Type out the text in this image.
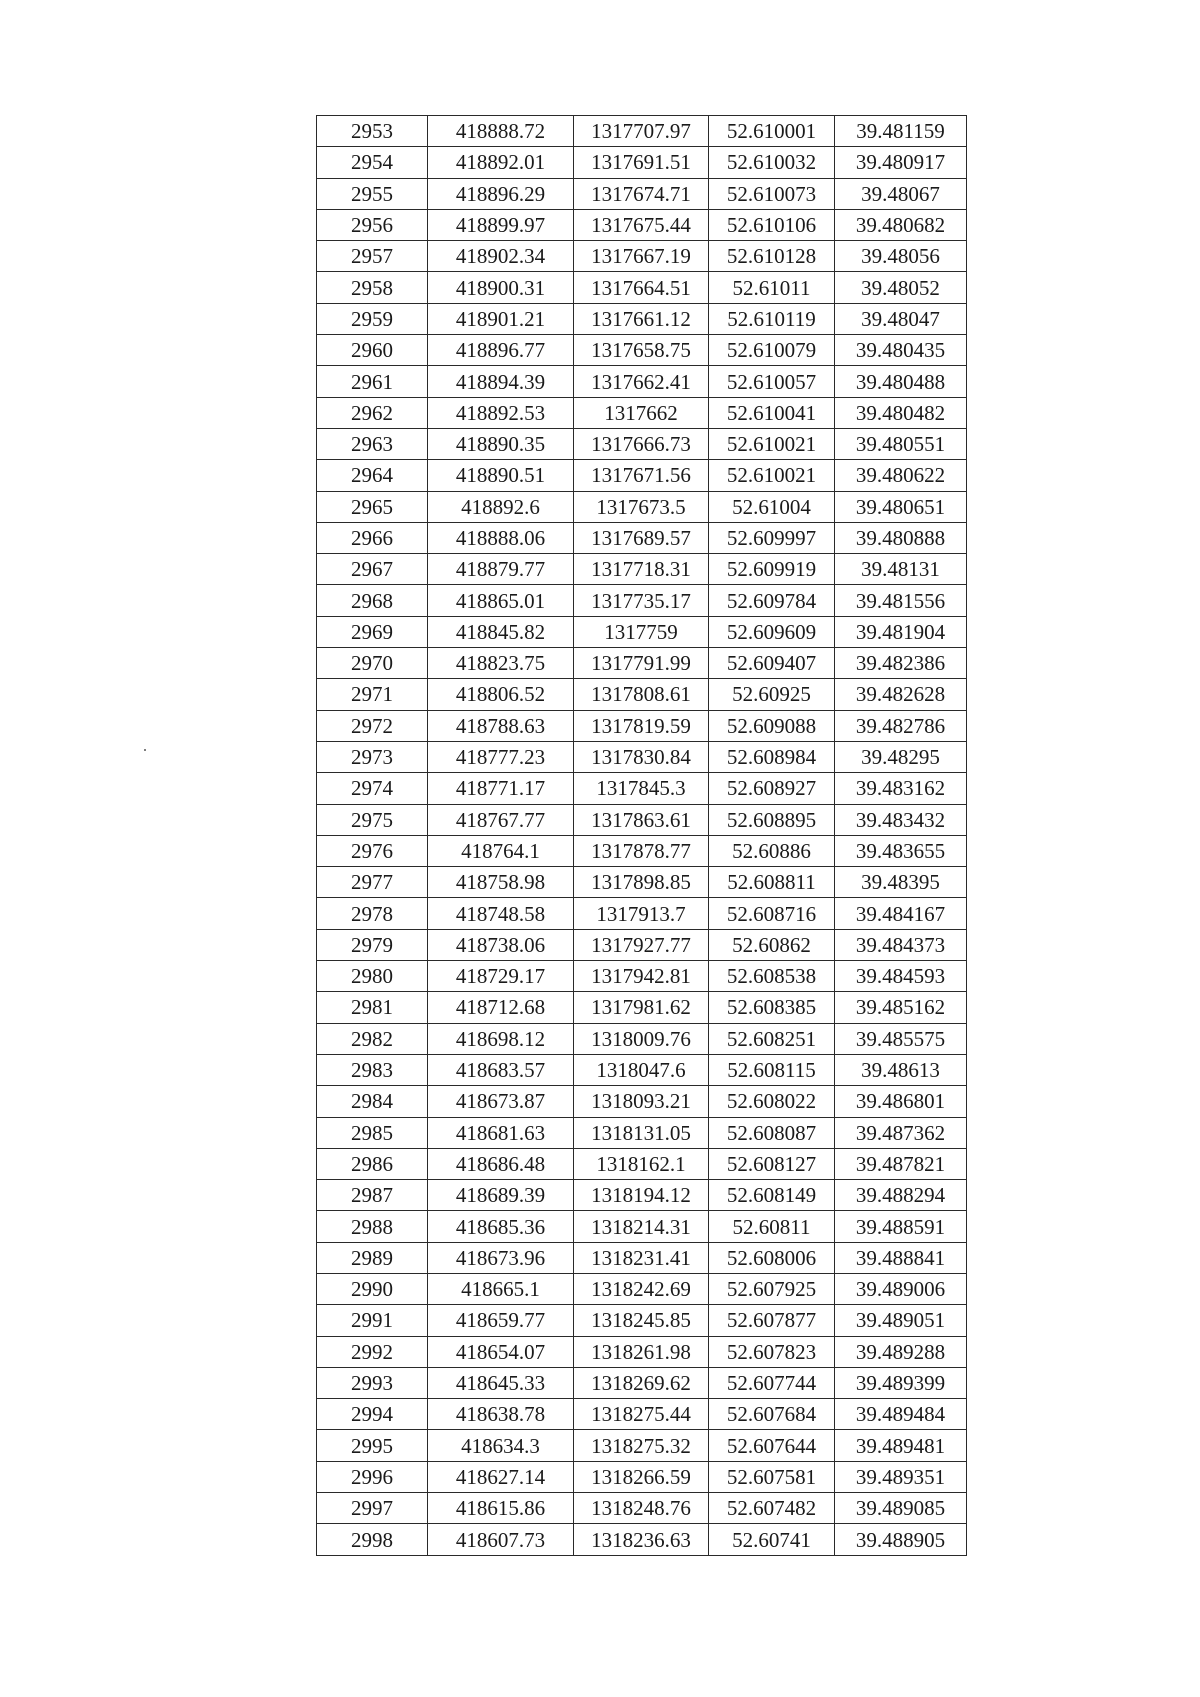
2953	418888.72	1317707.97	52.610001	39.481159
2954	418892.01	1317691.51	52.610032	39.480917
2955	418896.29	1317674.71	52.610073	39.48067
2956	418899.97	1317675.44	52.610106	39.480682
2957	418902.34	1317667.19	52.610128	39.48056
2958	418900.31	1317664.51	52.61011	39.48052
2959	418901.21	1317661.12	52.610119	39.48047
2960	418896.77	1317658.75	52.610079	39.480435
2961	418894.39	1317662.41	52.610057	39.480488
2962	418892.53	1317662	52.610041	39.480482
2963	418890.35	1317666.73	52.610021	39.480551
2964	418890.51	1317671.56	52.610021	39.480622
2965	418892.6	1317673.5	52.61004	39.480651
2966	418888.06	1317689.57	52.609997	39.480888
2967	418879.77	1317718.31	52.609919	39.48131
2968	418865.01	1317735.17	52.609784	39.481556
2969	418845.82	1317759	52.609609	39.481904
2970	418823.75	1317791.99	52.609407	39.482386
2971	418806.52	1317808.61	52.60925	39.482628
2972	418788.63	1317819.59	52.609088	39.482786
2973	418777.23	1317830.84	52.608984	39.48295
2974	418771.17	1317845.3	52.608927	39.483162
2975	418767.77	1317863.61	52.608895	39.483432
2976	418764.1	1317878.77	52.60886	39.483655
2977	418758.98	1317898.85	52.608811	39.48395
2978	418748.58	1317913.7	52.608716	39.484167
2979	418738.06	1317927.77	52.60862	39.484373
2980	418729.17	1317942.81	52.608538	39.484593
2981	418712.68	1317981.62	52.608385	39.485162
2982	418698.12	1318009.76	52.608251	39.485575
2983	418683.57	1318047.6	52.608115	39.48613
2984	418673.87	1318093.21	52.608022	39.486801
2985	418681.63	1318131.05	52.608087	39.487362
2986	418686.48	1318162.1	52.608127	39.487821
2987	418689.39	1318194.12	52.608149	39.488294
2988	418685.36	1318214.31	52.60811	39.488591
2989	418673.96	1318231.41	52.608006	39.488841
2990	418665.1	1318242.69	52.607925	39.489006
2991	418659.77	1318245.85	52.607877	39.489051
2992	418654.07	1318261.98	52.607823	39.489288
2993	418645.33	1318269.62	52.607744	39.489399
2994	418638.78	1318275.44	52.607684	39.489484
2995	418634.3	1318275.32	52.607644	39.489481
2996	418627.14	1318266.59	52.607581	39.489351
2997	418615.86	1318248.76	52.607482	39.489085
2998	418607.73	1318236.63	52.60741	39.488905
